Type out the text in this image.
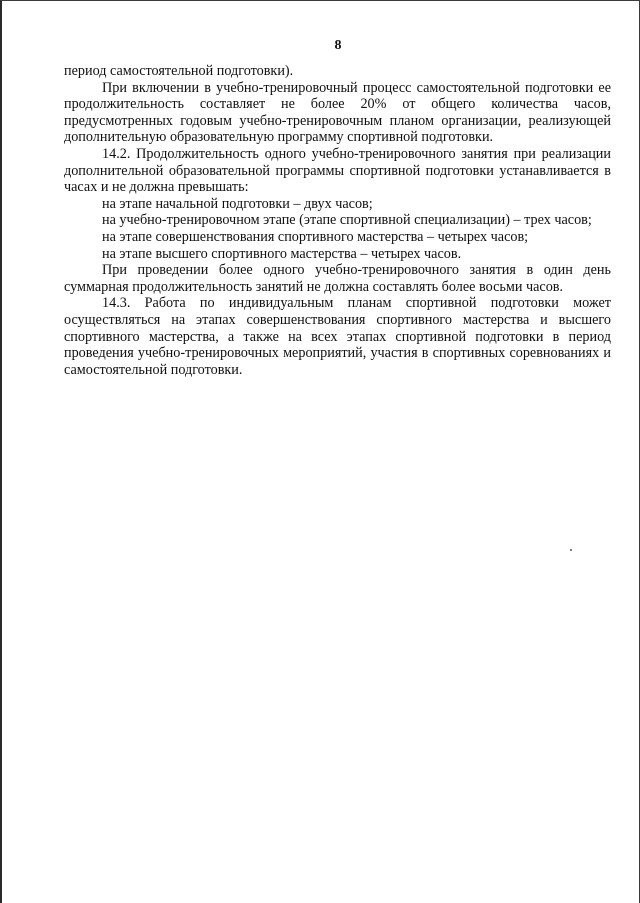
8

период самостоятельной подготовки).

При включении в учебно-тренировочный процесс самостоятельной подготовки ее продолжительность составляет не более 20% от общего количества часов, предусмотренных годовым учебно-тренировочным планом организации, реализующей дополнительную образовательную программу спортивной подготовки.

14.2. Продолжительность одного учебно-тренировочного занятия при реализации дополнительной образовательной программы спортивной подготовки устанавливается в часах и не должна превышать:

на этапе начальной подготовки – двух часов;

на учебно-тренировочном этапе (этапе спортивной специализации) – трех часов;

на этапе совершенствования спортивного мастерства – четырех часов;

на этапе высшего спортивного мастерства – четырех часов.

При проведении более одного учебно-тренировочного занятия в один день суммарная продолжительность занятий не должна составлять более восьми часов.

14.3. Работа по индивидуальным планам спортивной подготовки может осуществляться на этапах совершенствования спортивного мастерства и высшего спортивного мастерства, а также на всех этапах спортивной подготовки в период проведения учебно-тренировочных мероприятий, участия в спортивных соревнованиях и самостоятельной подготовки.
